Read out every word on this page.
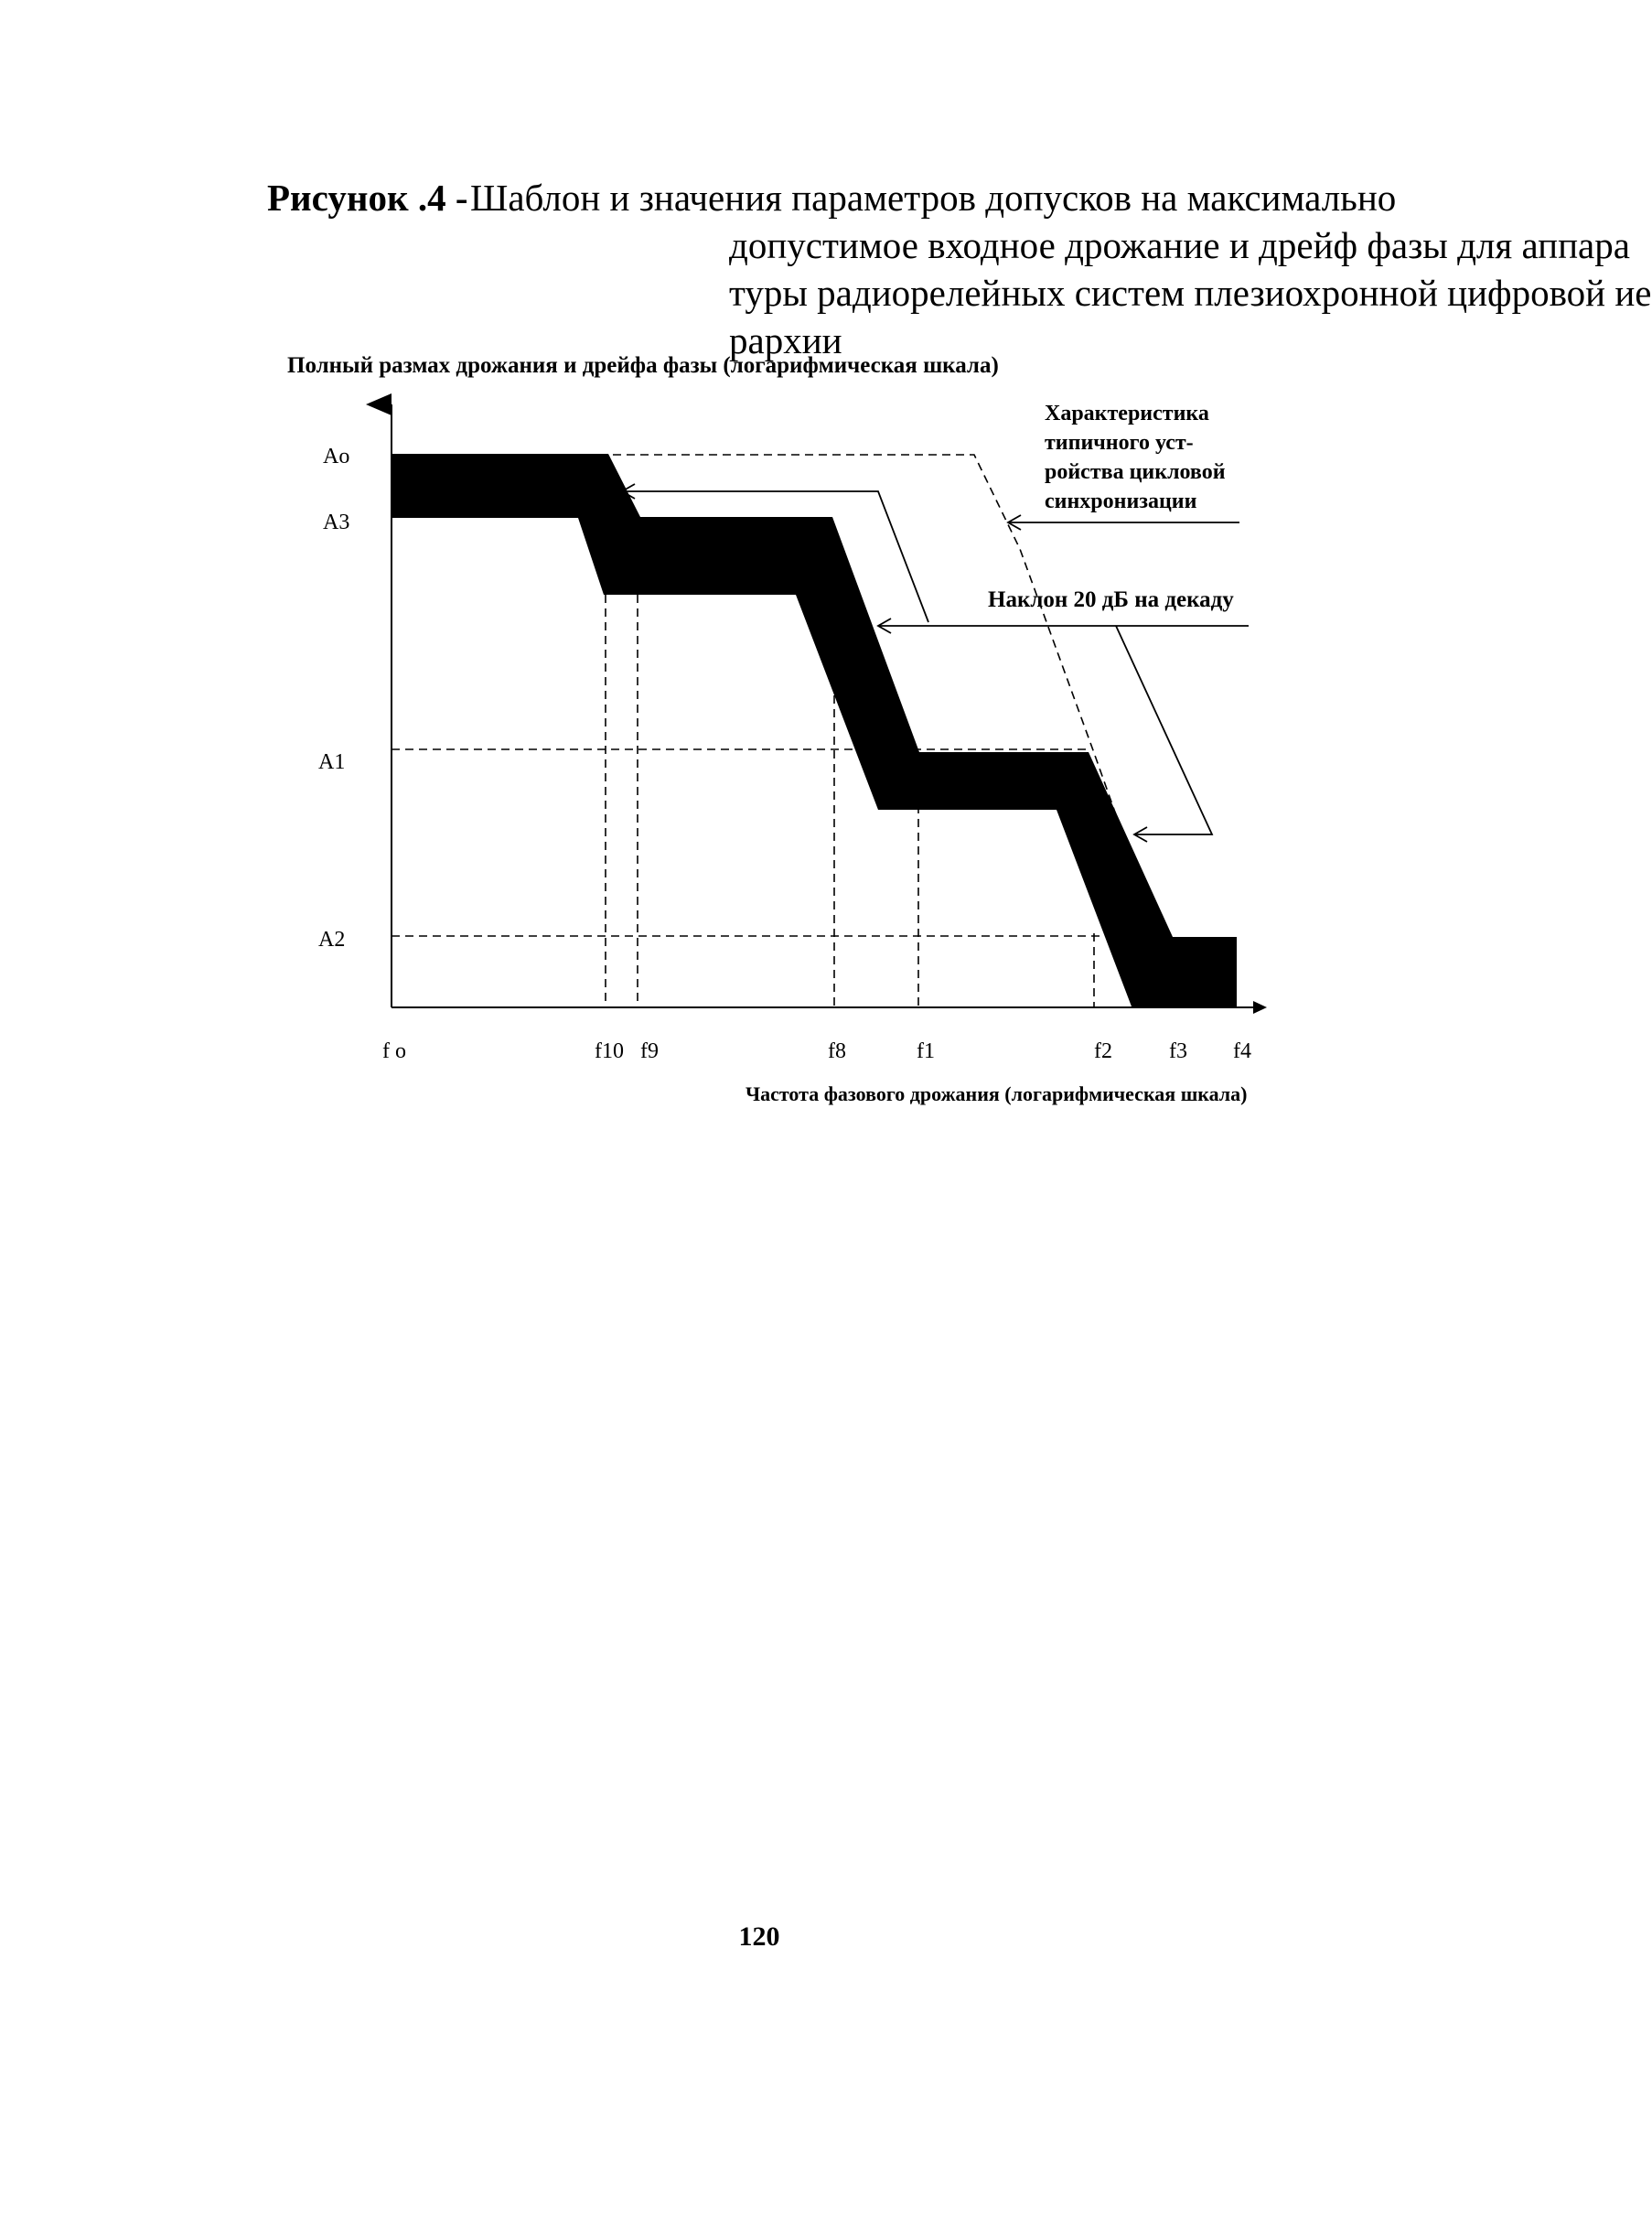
Рисунок .4 - Шаблон и значения параметров допусков на максимально
допустимое входное дрожание и дрейф фазы для аппара
туры радиорелейных систем плезиохронной цифровой ие
рархии
Полный размах дрожания и дрейфа фазы (логарифмическая шкала)
Ao
A3
A1
A2
f o	f10 f9	f8	f1	f2	f3 f4
Характеристика
типичного уст-
ройства цикловой
синхронизации
Наклон 20 дБ на декаду
Частота фазового дрожания (логарифмическая шкала)
120
